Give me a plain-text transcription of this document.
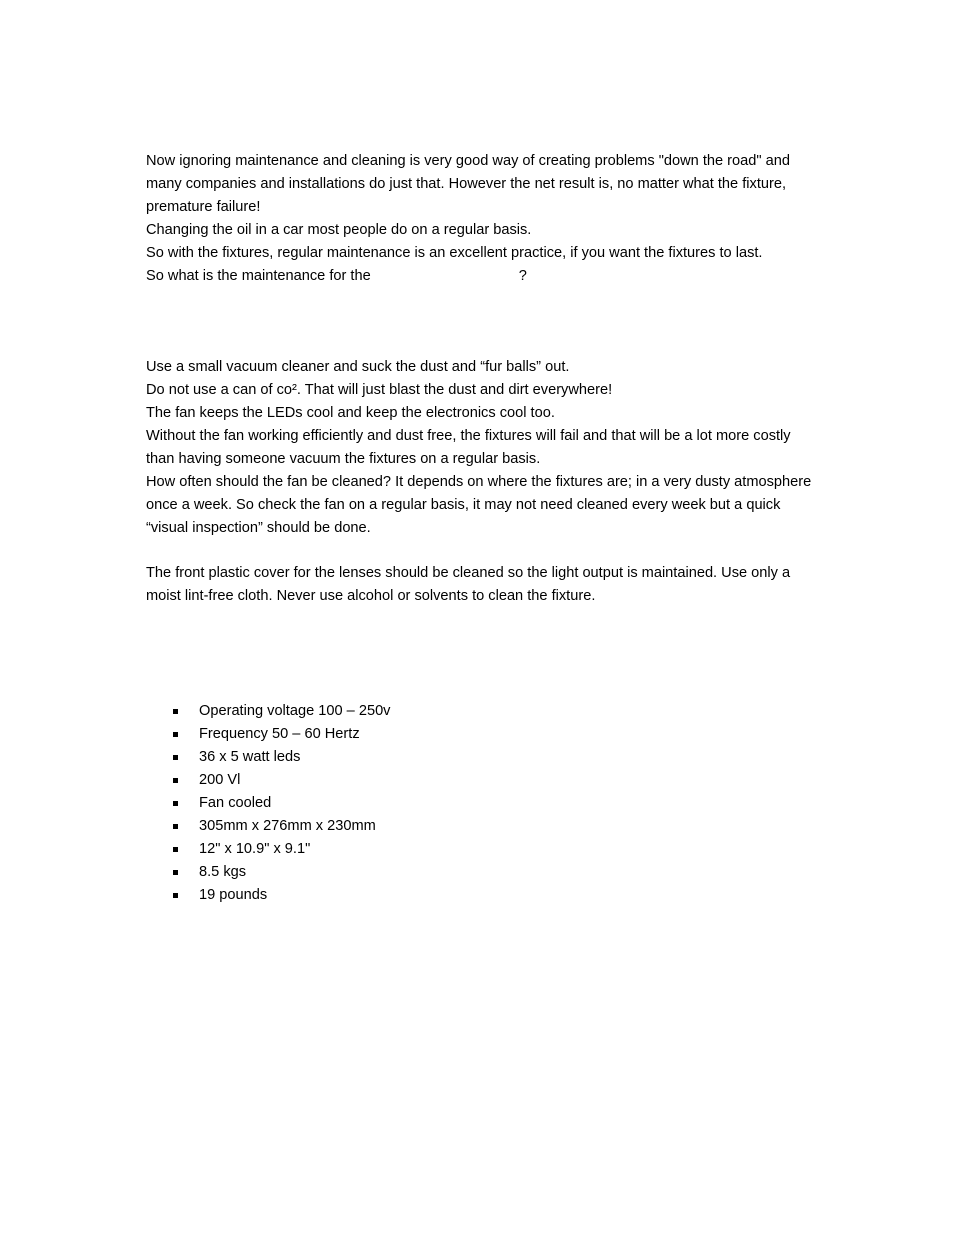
Now ignoring maintenance and cleaning is very good way of creating problems "down the road" and
many companies and installations do just that. However the net result is, no matter what the fixture,
premature failure!
Changing the oil in a car most people do on a regular basis.
So with the fixtures, regular maintenance is an excellent practice, if you want the fixtures to last.
So what is the maintenance for the	?
Use a small vacuum cleaner and suck the dust and “fur balls” out.
Do not use a can of co². That will just blast the dust and dirt everywhere!
The fan keeps the LEDs cool and keep the electronics cool too.
Without the fan working efficiently and dust free, the fixtures will fail and that will be a lot more costly
than having someone vacuum the fixtures on a regular basis.
How often should the fan be cleaned? It depends on where the fixtures are; in a very dusty atmosphere
once a week. So check the fan on a regular basis, it may not need cleaned every week but a quick
“visual inspection” should be done.
The front plastic cover for the lenses should be cleaned so the light output is maintained. Use only a
moist lint-free cloth. Never use alcohol or solvents to clean the fixture.
Operating voltage 100 – 250v
Frequency 50 – 60 Hertz
36 x 5 watt leds
200 Vl
Fan cooled
305mm x 276mm x 230mm
12" x 10.9" x 9.1"
8.5 kgs
19 pounds
